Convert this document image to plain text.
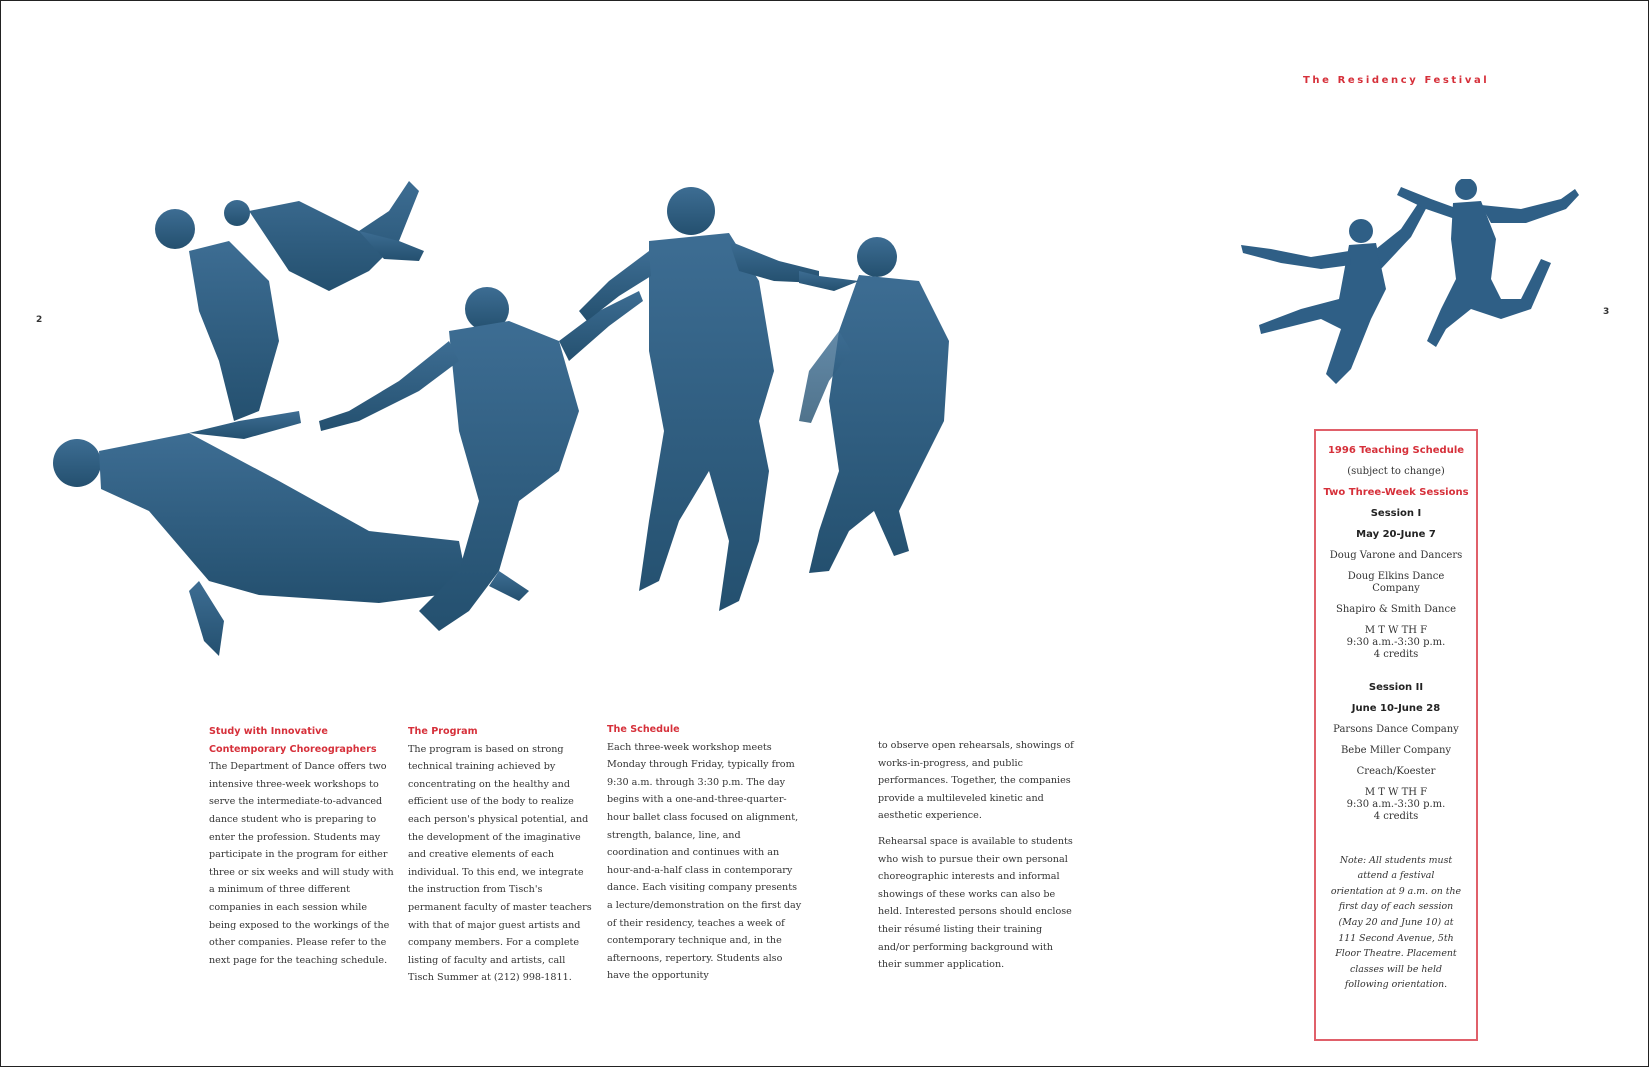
The Residency Festival
2
3
Study with Innovative Contemporary Choreographers

The Department of Dance offers two intensive three-week workshops to serve the intermediate-to-advanced dance student who is preparing to enter the profession. Students may participate in the program for either three or six weeks and will study with a minimum of three different companies in each session while being exposed to the workings of the other companies. Please refer to the next page for the teaching schedule.

The Program

The program is based on strong technical training achieved by concentrating on the healthy and efficient use of the body to realize each person's physical potential, and the development of the imaginative and creative elements of each individual. To this end, we integrate the instruction from Tisch's permanent faculty of master teachers with that of major guest artists and company members. For a complete listing of faculty and artists, call Tisch Summer at (212) 998-1811.

The Schedule

Each three-week workshop meets Monday through Friday, typically from 9:30 a.m. through 3:30 p.m. The day begins with a one-and-three-quarter-hour ballet class focused on alignment, strength, balance, line, and coordination and continues with an hour-and-a-half class in contemporary dance. Each visiting company presents a lecture/demonstration on the first day of their residency, teaches a week of contemporary technique and, in the afternoons, repertory. Students also have the opportunity

to observe open rehearsals, showings of works-in-progress, and public performances. Together, the companies provide a multileveled kinetic and aesthetic experience.

Rehearsal space is available to students who wish to pursue their own personal choreographic interests and informal showings of these works can also be held. Interested persons should enclose their résumé listing their training and/or performing background with their summer application.

1996 Teaching Schedule
(subject to change)
Two Three-Week Sessions
Session I
May 20-June 7
Doug Varone and Dancers
Doug Elkins Dance Company
Shapiro & Smith Dance
M T W TH F
9:30 a.m.-3:30 p.m.
4 credits
Session II
June 10-June 28
Parsons Dance Company
Bebe Miller Company
Creach/Koester
M T W TH F
9:30 a.m.-3:30 p.m.
4 credits
Note: All students must attend a festival orientation at 9 a.m. on the first day of each session (May 20 and June 10) at 111 Second Avenue, 5th Floor Theatre. Placement classes will be held following orientation.
